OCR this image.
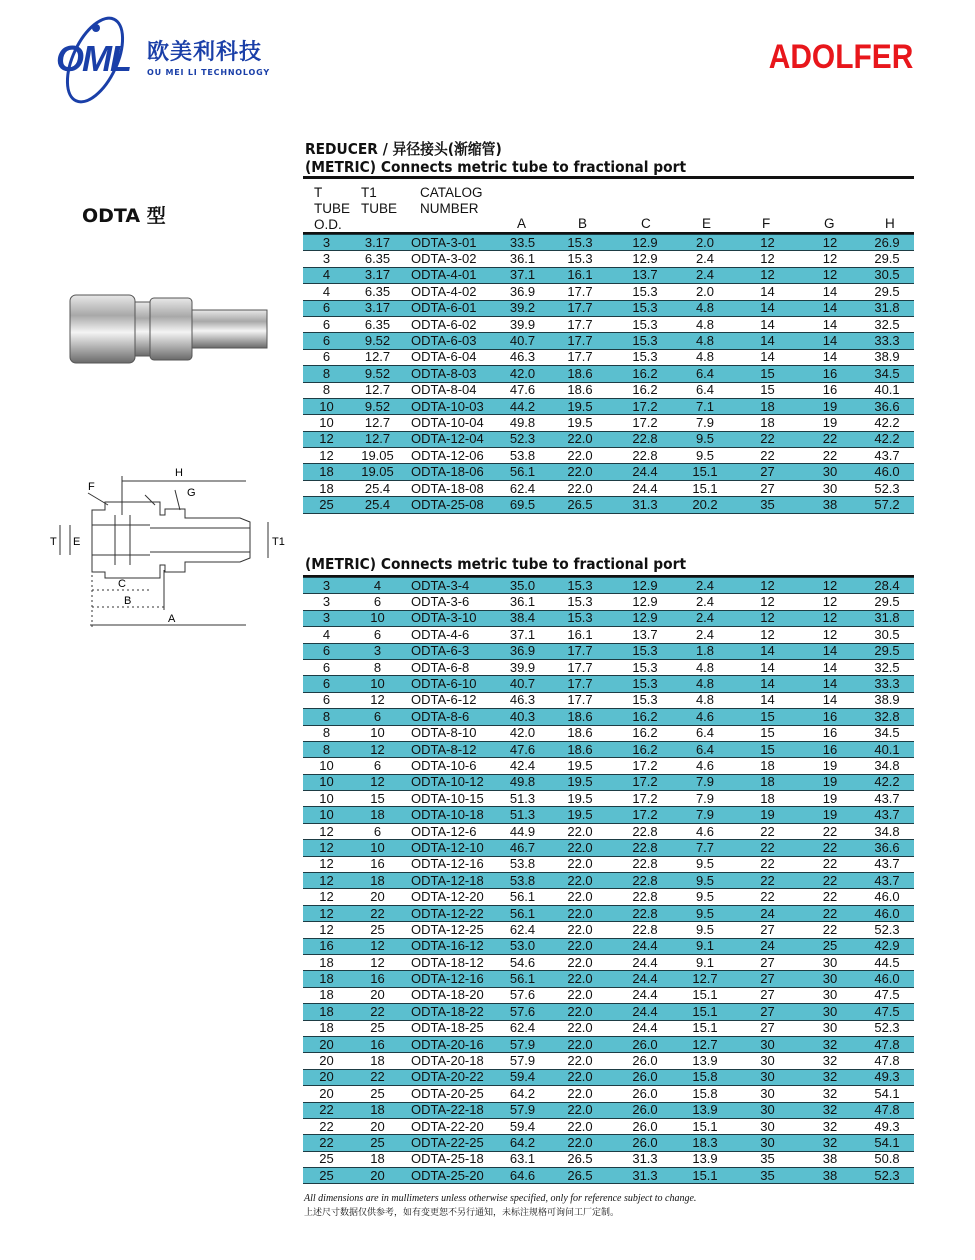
OML 欧美利科技
OU MEI LI TECHNOLOGY	ADOLFER
ODTA 型
H
F	G
T E	T1
C
B
A
REDUCER / 异径接头(渐缩管)
(METRIC) Connects metric tube to fractional port
T
TUBE
O.D.
T1
TUBE
CATALOG
NUMBER
A	B	C	E	F	G	H
3	3.17	ODTA-3-01	33.5	15.3	12.9	2.0	12	12	26.9
3	6.35	ODTA-3-02	36.1	15.3	12.9	2.4	12	12	29.5
4	3.17	ODTA-4-01	37.1	16.1	13.7	2.4	12	12	30.5
4	6.35	ODTA-4-02	36.9	17.7	15.3	2.0	14	14	29.5
6	3.17	ODTA-6-01	39.2	17.7	15.3	4.8	14	14	31.8
6	6.35	ODTA-6-02	39.9	17.7	15.3	4.8	14	14	32.5
6	9.52	ODTA-6-03	40.7	17.7	15.3	4.8	14	14	33.3
6	12.7	ODTA-6-04	46.3	17.7	15.3	4.8	14	14	38.9
8	9.52	ODTA-8-03	42.0	18.6	16.2	6.4	15	16	34.5
8	12.7	ODTA-8-04	47.6	18.6	16.2	6.4	15	16	40.1
10	9.52	ODTA-10-03	44.2	19.5	17.2	7.1	18	19	36.6
10	12.7	ODTA-10-04	49.8	19.5	17.2	7.9	18	19	42.2
12	12.7	ODTA-12-04	52.3	22.0	22.8	9.5	22	22	42.2
12	19.05	ODTA-12-06	53.8	22.0	22.8	9.5	22	22	43.7
18	19.05	ODTA-18-06	56.1	22.0	24.4	15.1	27	30	46.0
18	25.4	ODTA-18-08	62.4	22.0	24.4	15.1	27	30	52.3
25	25.4	ODTA-25-08	69.5	26.5	31.3	20.2	35	38	57.2
(METRIC) Connects metric tube to fractional port
3	4	ODTA-3-4	35.0	15.3	12.9	2.4	12	12	28.4
3	6	ODTA-3-6	36.1	15.3	12.9	2.4	12	12	29.5
3	10	ODTA-3-10	38.4	15.3	12.9	2.4	12	12	31.8
4	6	ODTA-4-6	37.1	16.1	13.7	2.4	12	12	30.5
6	3	ODTA-6-3	36.9	17.7	15.3	1.8	14	14	29.5
6	8	ODTA-6-8	39.9	17.7	15.3	4.8	14	14	32.5
6	10	ODTA-6-10	40.7	17.7	15.3	4.8	14	14	33.3
6	12	ODTA-6-12	46.3	17.7	15.3	4.8	14	14	38.9
8	6	ODTA-8-6	40.3	18.6	16.2	4.6	15	16	32.8
8	10	ODTA-8-10	42.0	18.6	16.2	6.4	15	16	34.5
8	12	ODTA-8-12	47.6	18.6	16.2	6.4	15	16	40.1
10	6	ODTA-10-6	42.4	19.5	17.2	4.6	18	19	34.8
10	12	ODTA-10-12	49.8	19.5	17.2	7.9	18	19	42.2
10	15	ODTA-10-15	51.3	19.5	17.2	7.9	18	19	43.7
10	18	ODTA-10-18	51.3	19.5	17.2	7.9	19	19	43.7
12	6	ODTA-12-6	44.9	22.0	22.8	4.6	22	22	34.8
12	10	ODTA-12-10	46.7	22.0	22.8	7.7	22	22	36.6
12	16	ODTA-12-16	53.8	22.0	22.8	9.5	22	22	43.7
12	18	ODTA-12-18	53.8	22.0	22.8	9.5	22	22	43.7
12	20	ODTA-12-20	56.1	22.0	22.8	9.5	22	22	46.0
12	22	ODTA-12-22	56.1	22.0	22.8	9.5	24	22	46.0
12	25	ODTA-12-25	62.4	22.0	22.8	9.5	27	22	52.3
16	12	ODTA-16-12	53.0	22.0	24.4	9.1	24	25	42.9
18	12	ODTA-18-12	54.6	22.0	24.4	9.1	27	30	44.5
18	16	ODTA-12-16	56.1	22.0	24.4	12.7	27	30	46.0
18	20	ODTA-18-20	57.6	22.0	24.4	15.1	27	30	47.5
18	22	ODTA-18-22	57.6	22.0	24.4	15.1	27	30	47.5
18	25	ODTA-18-25	62.4	22.0	24.4	15.1	27	30	52.3
20	16	ODTA-20-16	57.9	22.0	26.0	12.7	30	32	47.8
20	18	ODTA-20-18	57.9	22.0	26.0	13.9	30	32	47.8
20	22	ODTA-20-22	59.4	22.0	26.0	15.8	30	32	49.3
20	25	ODTA-20-25	64.2	22.0	26.0	15.8	30	32	54.1
22	18	ODTA-22-18	57.9	22.0	26.0	13.9	30	32	47.8
22	20	ODTA-22-20	59.4	22.0	26.0	15.1	30	32	49.3
22	25	ODTA-22-25	64.2	22.0	26.0	18.3	30	32	54.1
25	18	ODTA-25-18	63.1	26.5	31.3	13.9	35	38	50.8
25	20	ODTA-25-20	64.6	26.5	31.3	15.1	35	38	52.3
All dimensions are in mullimeters unless otherwise specified, only for reference subject to change.
上述尺寸数据仅供参考，如有变更恕不另行通知，未标注规格可询问工厂定制。
